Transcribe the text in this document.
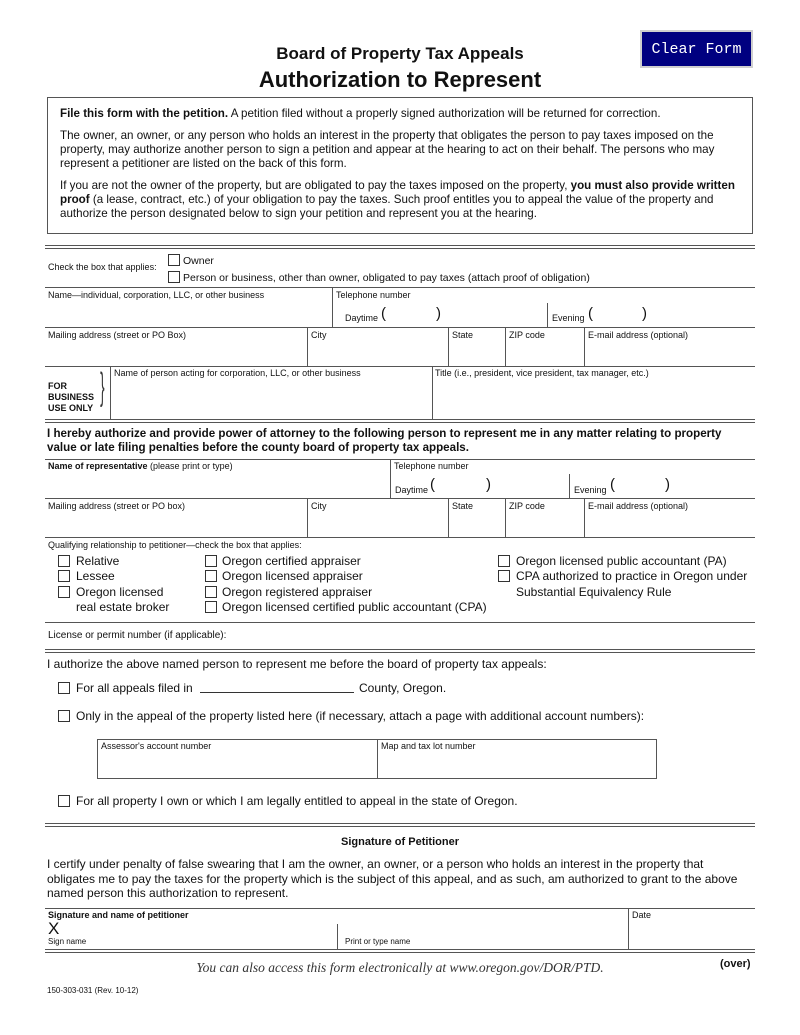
Board of Property Tax Appeals
Authorization to Represent
Clear Form

File this form with the petition. A petition filed without a properly signed authorization will be returned for correction.

The owner, an owner, or any person who holds an interest in the property that obligates the person to pay taxes imposed on the property, may authorize another person to sign a petition and appear at the hearing to act on their behalf. The persons who may represent a petitioner are listed on the back of this form.

If you are not the owner of the property, but are obligated to pay the taxes imposed on the property, you must also provide written proof (a lease, contract, etc.) of your obligation to pay the taxes. Such proof entitles you to appeal the value of the property and authorize the person designated below to sign your petition and represent you at the hearing.

Check the box that applies:	Owner
Person or business, other than owner, obligated to pay taxes (attach proof of obligation)
Name—individual, corporation, LLC, or other business	Telephone number
Daytime (	)	Evening (	)
Mailing address (street or PO Box)	City	State	ZIP code	E-mail address (optional)
FOR BUSINESS USE ONLY } Name of person acting for corporation, LLC, or other business	Title (i.e., president, vice president, tax manager, etc.)
I hereby authorize and provide power of attorney to the following person to represent me in any matter relating to property value or late filing penalties before the county board of property tax appeals.
Name of representative (please print or type)	Telephone number
Daytime (	)	Evening (	)
Mailing address (street or PO box)	City	State	ZIP code	E-mail address (optional)
Qualifying relationship to petitioner—check the box that applies:
Relative
Lessee
Oregon licensed
real estate broker
Oregon certified appraiser
Oregon licensed appraiser
Oregon registered appraiser
Oregon licensed certified public accountant (CPA)
Oregon licensed public accountant (PA)
CPA authorized to practice in Oregon under
Substantial Equivalency Rule
License or permit number (if applicable):
I authorize the above named person to represent me before the board of property tax appeals:
For all appeals filed in	County, Oregon.
Only in the appeal of the property listed here (if necessary, attach a page with additional account numbers):
Assessor's account number	Map and tax lot number
For all property I own or which I am legally entitled to appeal in the state of Oregon.
Signature of Petitioner
I certify under penalty of false swearing that I am the owner, an owner, or a person who holds an interest in the property that obligates me to pay the taxes for the property which is the subject of this appeal, and as such, am authorized to grant to the above named person this authorization to represent.
Signature and name of petitioner
X
Sign name	Print or type name
Date
You can also access this form electronically at www.oregon.gov/DOR/PTD.	(over)
150-303-031 (Rev. 10-12)
